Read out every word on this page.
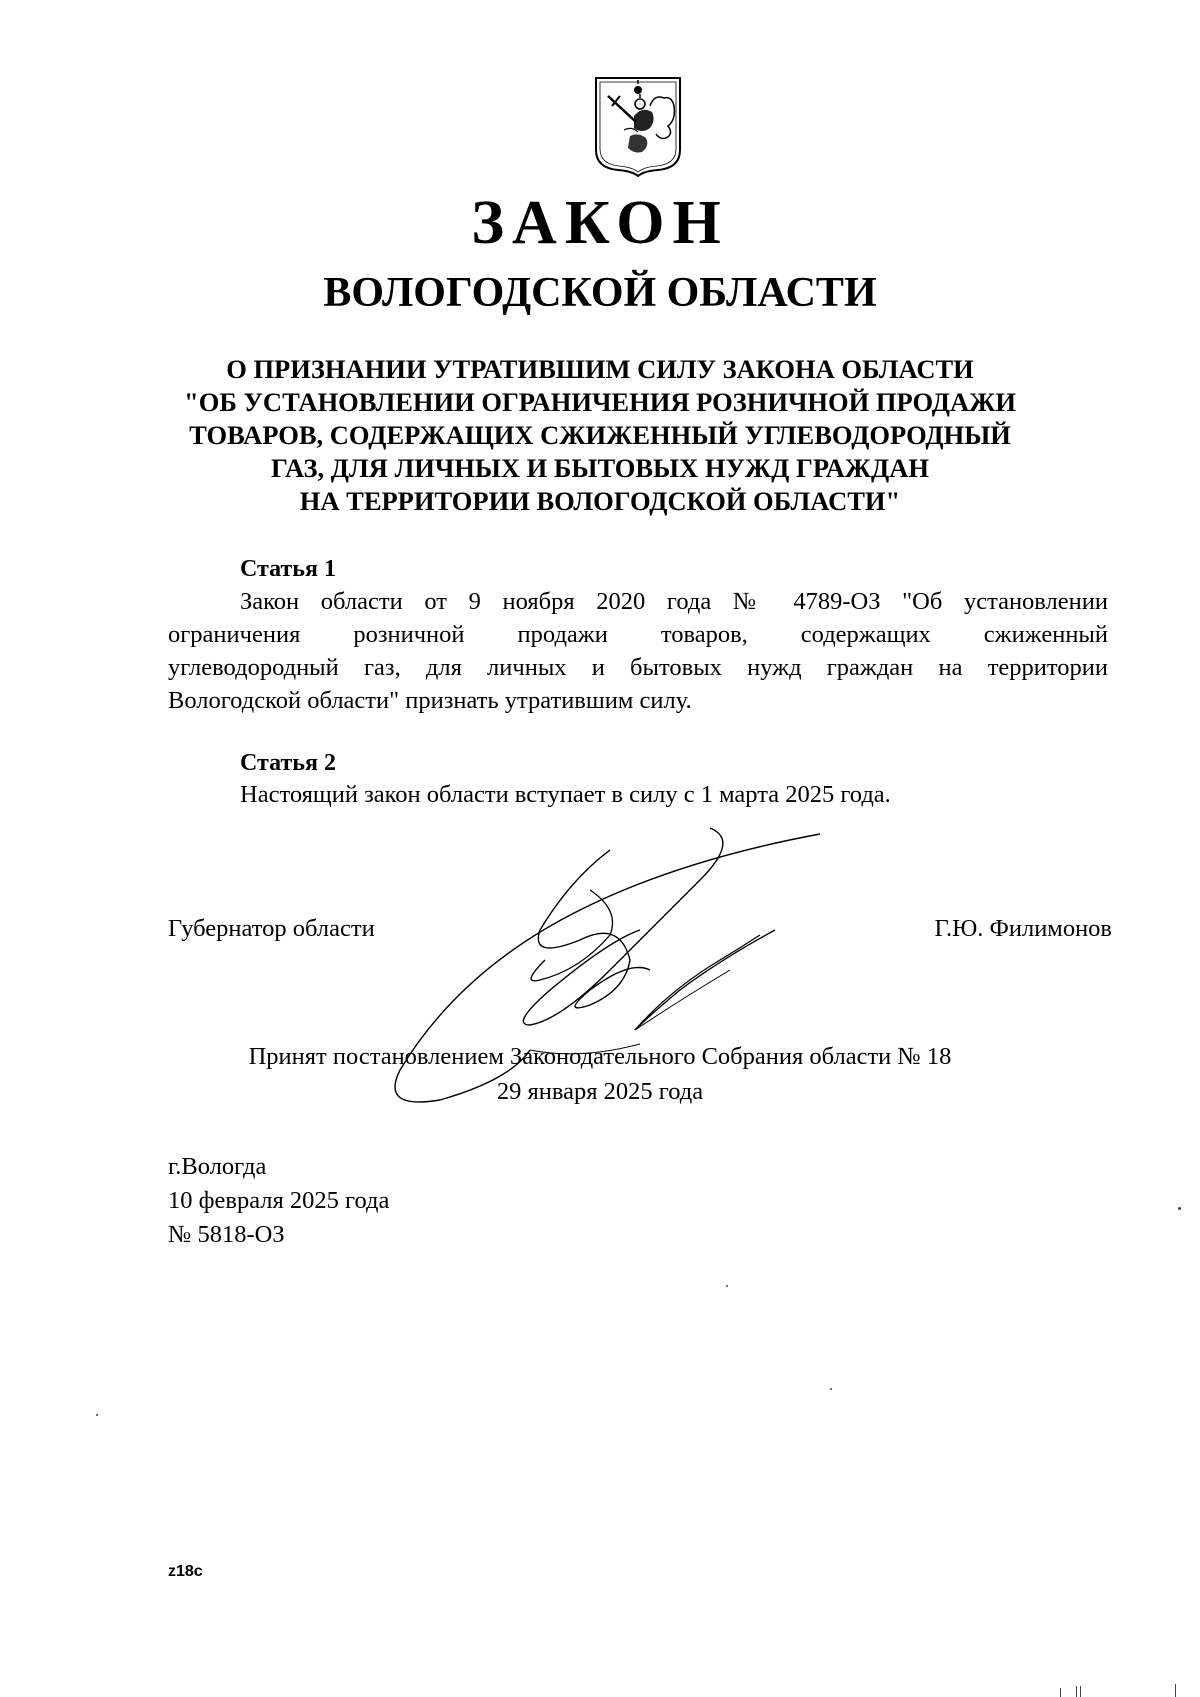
ЗАКОН
ВОЛОГОДСКОЙ ОБЛАСТИ
О ПРИЗНАНИИ УТРАТИВШИМ СИЛУ ЗАКОНА ОБЛАСТИ
"ОБ УСТАНОВЛЕНИИ ОГРАНИЧЕНИЯ РОЗНИЧНОЙ ПРОДАЖИ
ТОВАРОВ, СОДЕРЖАЩИХ СЖИЖЕННЫЙ УГЛЕВОДОРОДНЫЙ
ГАЗ, ДЛЯ ЛИЧНЫХ И БЫТОВЫХ НУЖД ГРАЖДАН
НА ТЕРРИТОРИИ ВОЛОГОДСКОЙ ОБЛАСТИ"
Статья 1
Закон области от 9 ноября 2020 года № 4789-ОЗ "Об установлении
ограничения розничной продажи товаров, содержащих сжиженный
углеводородный газ, для личных и бытовых нужд граждан на территории
Вологодской области" признать утратившим силу.
Статья 2
Настоящий закон области вступает в силу с 1 марта 2025 года.
Губернатор области	Г.Ю. Филимонов
Принят постановлением Законодательного Собрания области № 18
29 января 2025 года
г.Вологда
10 февраля 2025 года
№ 5818-ОЗ
z18c
